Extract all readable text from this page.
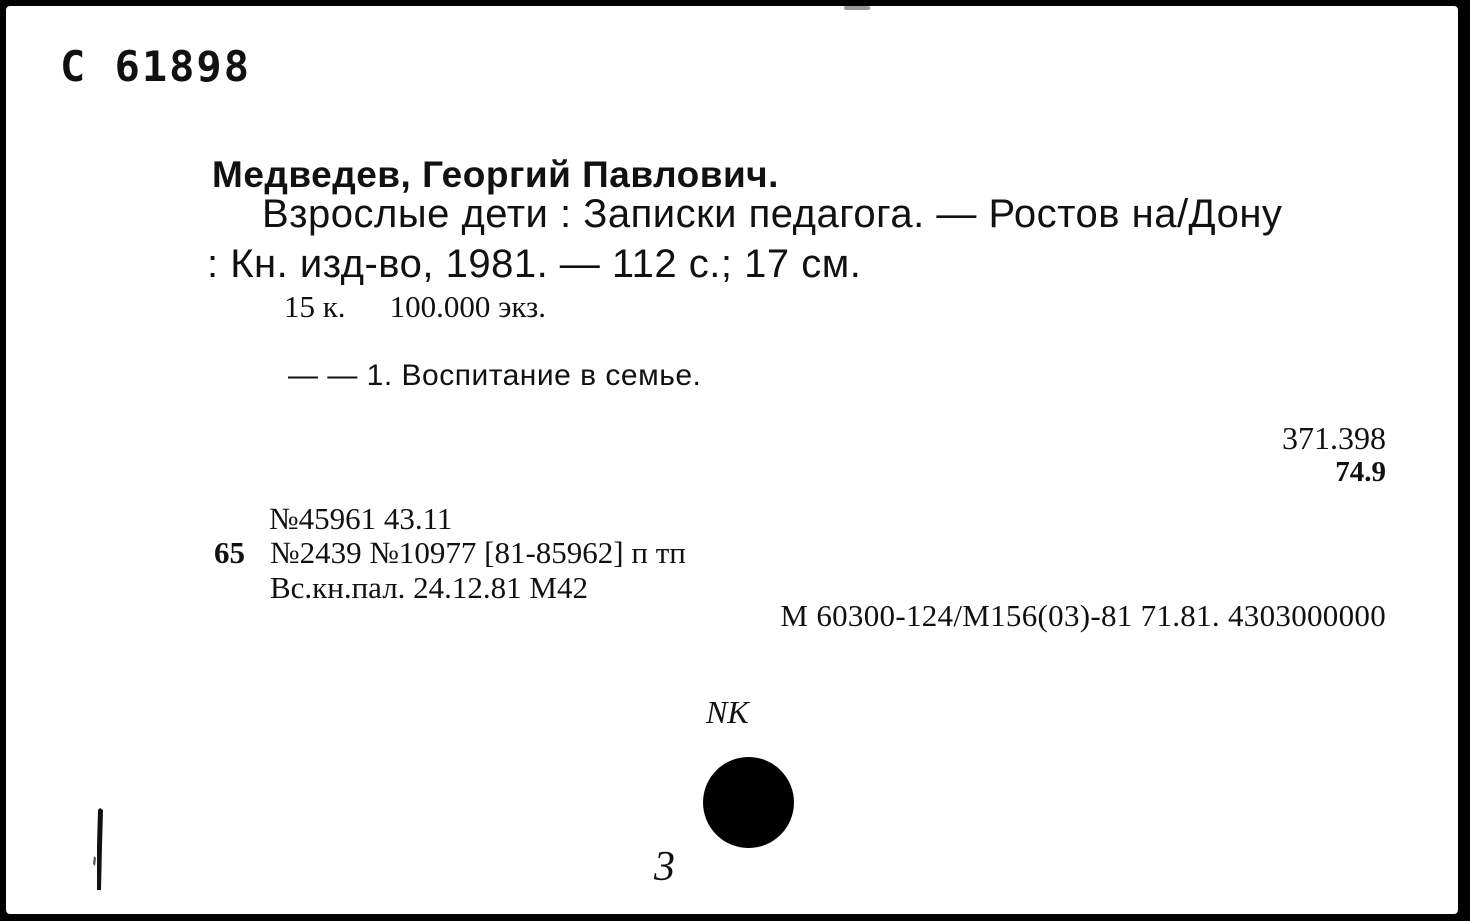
С 61898
Медведев, Георгий Павлович.
Взрослые дети : Записки педагога. — Ростов на/Дону
: Кн. изд-во, 1981. — 112 с.; 17 см.
15 к. 100.000 экз.
— — 1. Воспитание в семье.
371.398
74.9
№45961 43.11
65 №2439 №10977 [81-85962] п тп
Вс.кн.пал. 24.12.81 М42
М 60300-124/М156(03)-81 71.81. 4303000000
NK
3
